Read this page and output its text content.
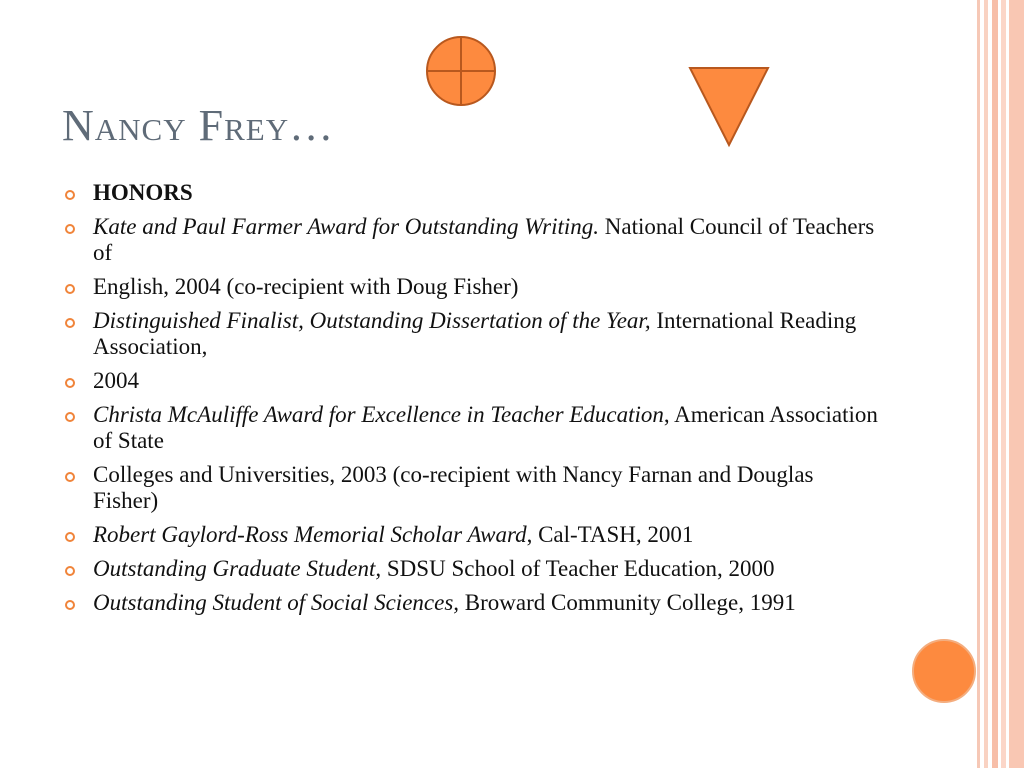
Nancy Frey…
HONORS
Kate and Paul Farmer Award for Outstanding Writing. National Council of Teachers of
English, 2004 (co-recipient with Doug Fisher)
Distinguished Finalist, Outstanding Dissertation of the Year, International Reading Association,
2004
Christa McAuliffe Award for Excellence in Teacher Education, American Association of State
Colleges and Universities, 2003 (co-recipient with Nancy Farnan and Douglas Fisher)
Robert Gaylord-Ross Memorial Scholar Award, Cal-TASH, 2001
Outstanding Graduate Student, SDSU School of Teacher Education, 2000
Outstanding Student of Social Sciences, Broward Community College, 1991
